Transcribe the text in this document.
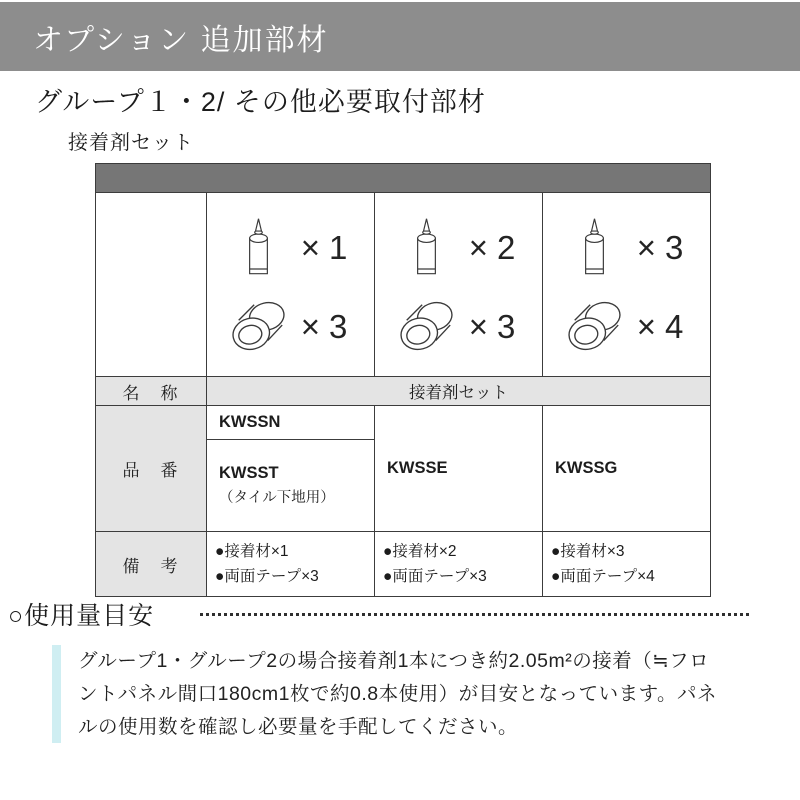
オプション 追加部材
グループ１・2/ その他必要取付部材
接着剤セット
×1
×3
×2
×3
×3
×4
名　称	接着剤セット
品　番
KWSSN
KWSST
（タイル下地用）
KWSSE	KWSSG
備　考
●接着材×1
●両面テープ×3
●接着材×2
●両面テープ×3
●接着材×3
●両面テープ×4
○使用量目安
グループ1・グループ2の場合接着剤1本につき約2.05m²の接着（≒フロ
ントパネル間口180cm1枚で約0.8本使用）が目安となっています。パネ
ルの使用数を確認し必要量を手配してください。
